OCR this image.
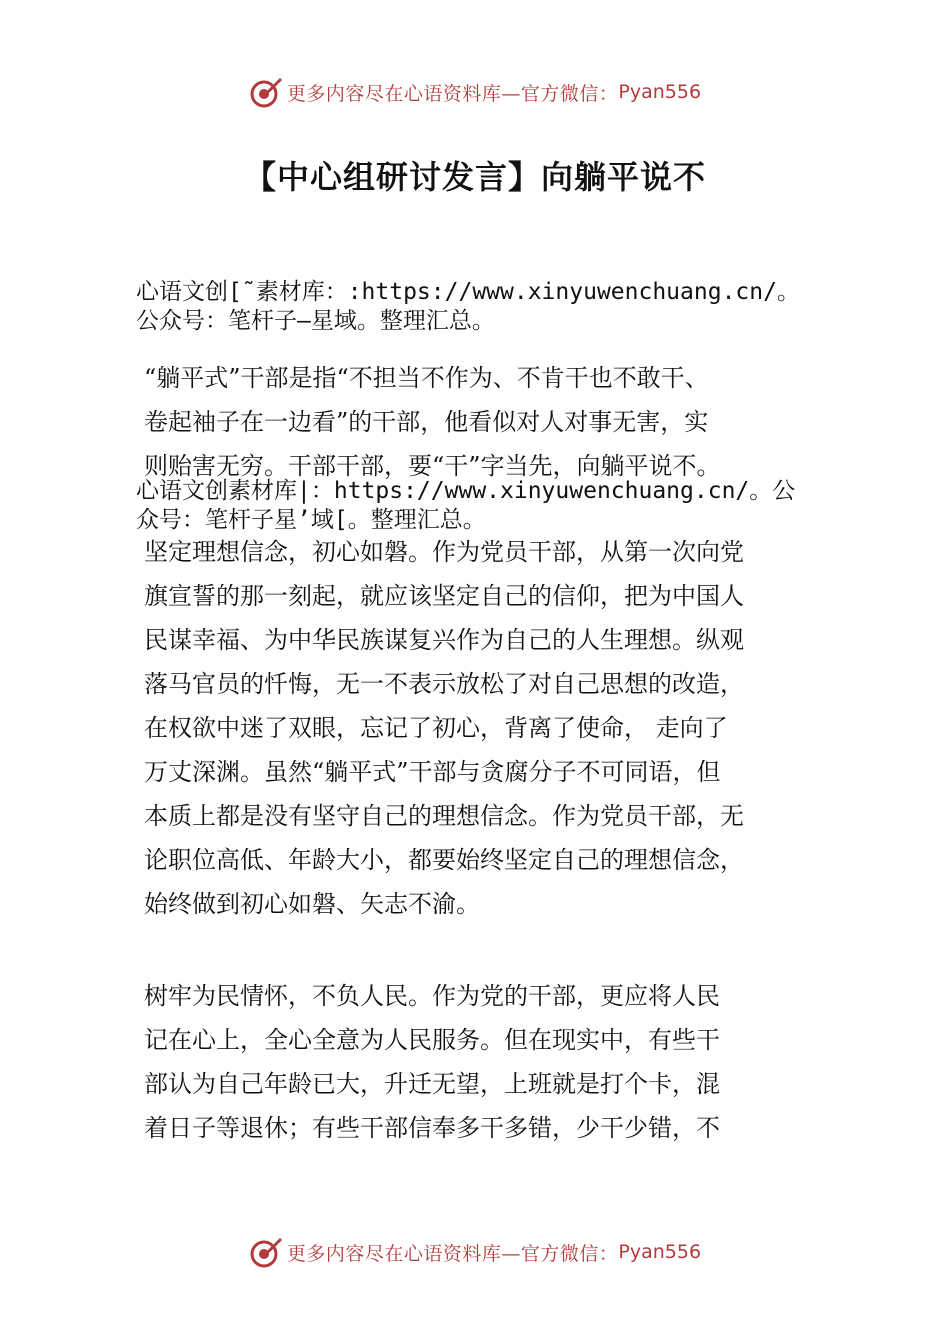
更多内容尽在心语资料库—官方微信： Pyan556
【中心组研讨发言】向躺平说不
心语文创[˜素材库：:https://www.xinyuwenchuang.cn/。
公众号：笔杆子—星域。整理汇总。
“躺平式”干部是指“不担当不作为、不肯干也不敢干、
卷起袖子在一边看”的干部，他看似对人对事无害，实
则贻害无穷。干部干部，要“干”字当先，向躺平说不。
心语文创素材库|：https://www.xinyuwenchuang.cn/。公
众号：笔杆子星’域[。整理汇总。
坚定理想信念，初心如磐。作为党员干部，从第一次向党
旗宣誓的那一刻起，就应该坚定自己的信仰，把为中国人
民谋幸福、为中华民族谋复兴作为自己的人生理想。纵观
落马官员的忏悔，无一不表示放松了对自己思想的改造，
在权欲中迷了双眼，忘记了初心，背离了使命， 走向了
万丈深渊。虽然“躺平式”干部与贪腐分子不可同语，但
本质上都是没有坚守自己的理想信念。作为党员干部，无
论职位高低、年龄大小，都要始终坚定自己的理想信念，
始终做到初心如磐、矢志不渝。
树牢为民情怀，不负人民。作为党的干部，更应将人民
记在心上，全心全意为人民服务。但在现实中，有些干
部认为自己年龄已大，升迁无望，上班就是打个卡，混
着日子等退休；有些干部信奉多干多错，少干少错，不
更多内容尽在心语资料库—官方微信： Pyan556
